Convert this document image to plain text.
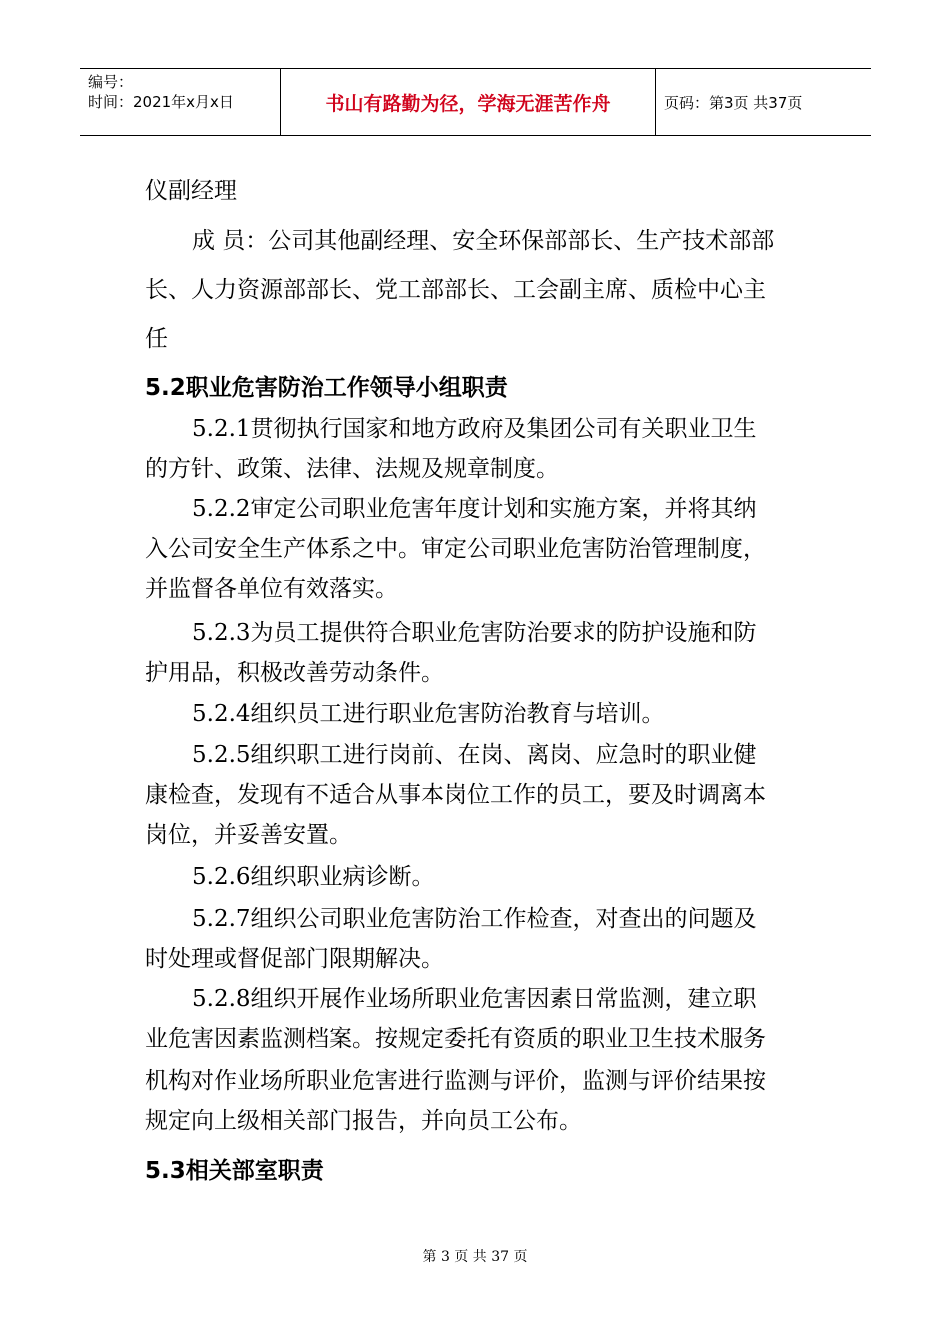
编号：
时间：2021年x月x日	书山有路勤为径，学海无涯苦作舟	页码：第3页 共37页
仪副经理
成 员：公司其他副经理、安全环保部部长、生产技术部部
长、人力资源部部长、党工部部长、工会副主席、质检中心主
任
5.2职业危害防治工作领导小组职责
5.2.1贯彻执行国家和地方政府及集团公司有关职业卫生
的方针、政策、法律、法规及规章制度。
5.2.2审定公司职业危害年度计划和实施方案，并将其纳
入公司安全生产体系之中。审定公司职业危害防治管理制度，
并监督各单位有效落实。
5.2.3为员工提供符合职业危害防治要求的防护设施和防
护用品，积极改善劳动条件。
5.2.4组织员工进行职业危害防治教育与培训。
5.2.5组织职工进行岗前、在岗、离岗、应急时的职业健
康检查，发现有不适合从事本岗位工作的员工，要及时调离本
岗位，并妥善安置。
5.2.6组织职业病诊断。
5.2.7组织公司职业危害防治工作检查，对查出的问题及
时处理或督促部门限期解决。
5.2.8组织开展作业场所职业危害因素日常监测，建立职
业危害因素监测档案。按规定委托有资质的职业卫生技术服务
机构对作业场所职业危害进行监测与评价，监测与评价结果按
规定向上级相关部门报告，并向员工公布。
5.3相关部室职责
第 3 页 共 37 页
